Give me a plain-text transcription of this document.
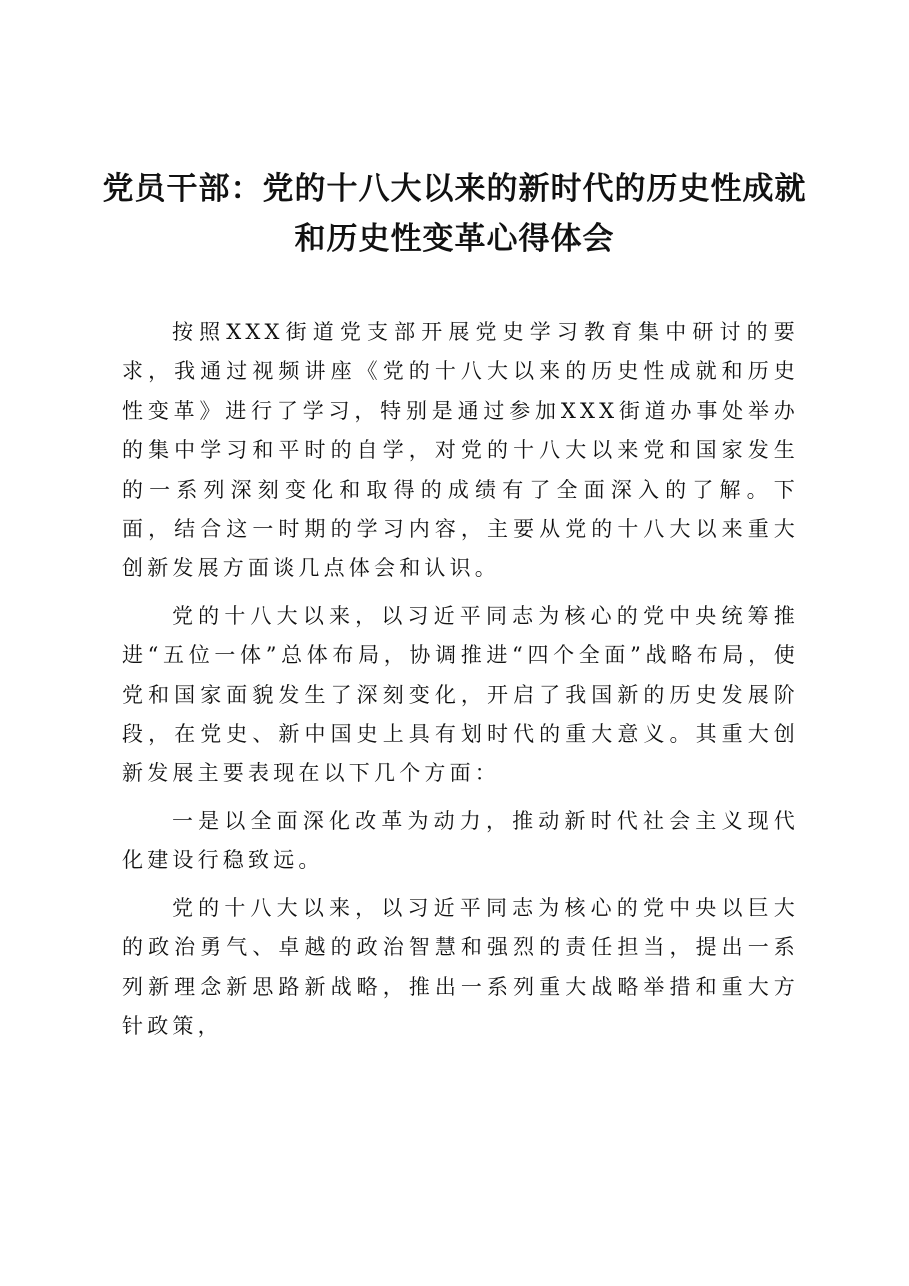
党员干部：党的十八大以来的新时代的历史性成就和历史性变革心得体会

按照XXX街道党支部开展党史学习教育集中研讨的要求，我通过视频讲座《党的十八大以来的历史性成就和历史性变革》进行了学习，特别是通过参加XXX街道办事处举办的集中学习和平时的自学，对党的十八大以来党和国家发生的一系列深刻变化和取得的成绩有了全面深入的了解。下面，结合这一时期的学习内容，主要从党的十八大以来重大创新发展方面谈几点体会和认识。

党的十八大以来，以习近平同志为核心的党中央统筹推进“五位一体”总体布局，协调推进“四个全面”战略布局，使党和国家面貌发生了深刻变化，开启了我国新的历史发展阶段，在党史、新中国史上具有划时代的重大意义。其重大创新发展主要表现在以下几个方面：

一是以全面深化改革为动力，推动新时代社会主义现代化建设行稳致远。

党的十八大以来，以习近平同志为核心的党中央以巨大的政治勇气、卓越的政治智慧和强烈的责任担当，提出一系列新理念新思路新战略，推出一系列重大战略举措和重大方针政策，
